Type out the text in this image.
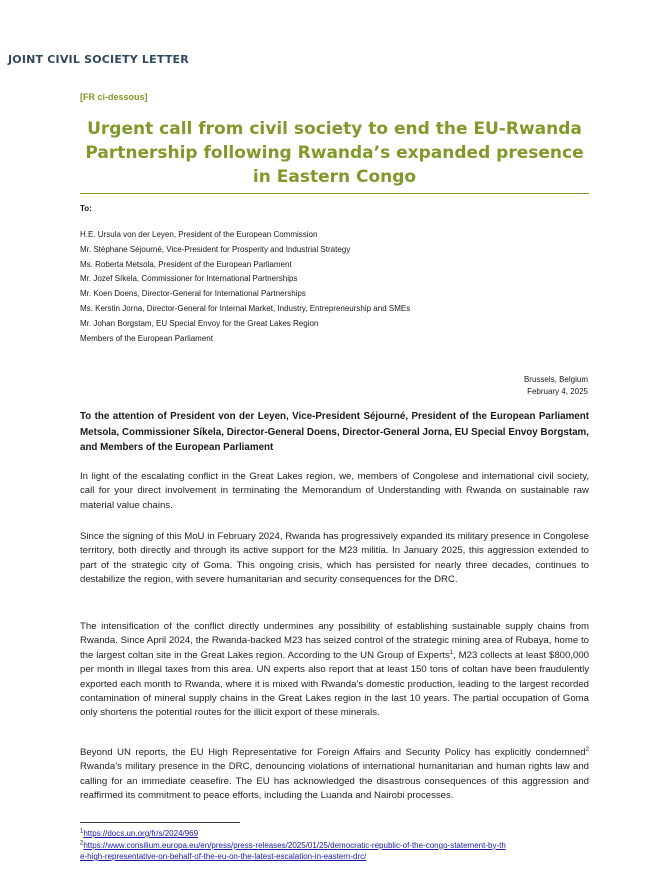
JOINT CIVIL SOCIETY LETTER
[FR ci-dessous]
Urgent call from civil society to end the EU-Rwanda Partnership following Rwanda’s expanded presence in Eastern Congo
To:
H.E. Ursula von der Leyen, President of the European Commission
Mr. Stéphane Séjourné, Vice-President for Prosperity and Industrial Strategy
Ms. Roberta Metsola, President of the European Parliament
Mr. Jozef Síkela, Commissioner for International Partnerships
Mr. Koen Doens, Director-General for International Partnerships
Ms. Kerstin Jorna, Director-General for Internal Market, Industry, Entrepreneurship and SMEs
Mr. Johan Borgstam, EU Special Envoy for the Great Lakes Region
Members of the European Parliament
Brussels, Belgium
February 4, 2025

To the attention of President von der Leyen, Vice-President Séjourné, President of the European Parliament Metsola, Commissioner Síkela, Director-General Doens, Director-General Jorna, EU Special Envoy Borgstam, and Members of the European Parliament

In light of the escalating conflict in the Great Lakes region, we, members of Congolese and international civil society, call for your direct involvement in terminating the Memorandum of Understanding with Rwanda on sustainable raw material value chains.

Since the signing of this MoU in February 2024, Rwanda has progressively expanded its military presence in Congolese territory, both directly and through its active support for the M23 militia. In January 2025, this aggression extended to part of the strategic city of Goma. This ongoing crisis, which has persisted for nearly three decades, continues to destabilize the region, with severe humanitarian and security consequences for the DRC.

The intensification of the conflict directly undermines any possibility of establishing sustainable supply chains from Rwanda. Since April 2024, the Rwanda-backed M23 has seized control of the strategic mining area of Rubaya, home to the largest coltan site in the Great Lakes region. According to the UN Group of Experts$^1$, M23 collects at least $800,000 per month in illegal taxes from this area. UN experts also report that at least 150 tons of coltan have been fraudulently exported each month to Rwanda, where it is mixed with Rwanda’s domestic production, leading to the largest recorded contamination of mineral supply chains in the Great Lakes region in the last 10 years. The partial occupation of Goma only shortens the potential routes for the illicit export of these minerals.

Beyond UN reports, the EU High Representative for Foreign Affairs and Security Policy has explicitly condemned$^2$ Rwanda’s military presence in the DRC, denouncing violations of international humanitarian and human rights law and calling for an immediate ceasefire. The EU has acknowledged the disastrous consequences of this aggression and reaffirmed its commitment to peace efforts, including the Luanda and Nairobi processes.

$^1$https://docs.un.org/fr/s/2024/969
$^2$https://www.consilium.europa.eu/en/press/press-releases/2025/01/25/democratic-republic-of-the-congo-statement-by-th
e-high-representative-on-behalf-of-the-eu-on-the-latest-escalation-in-eastern-drc/
